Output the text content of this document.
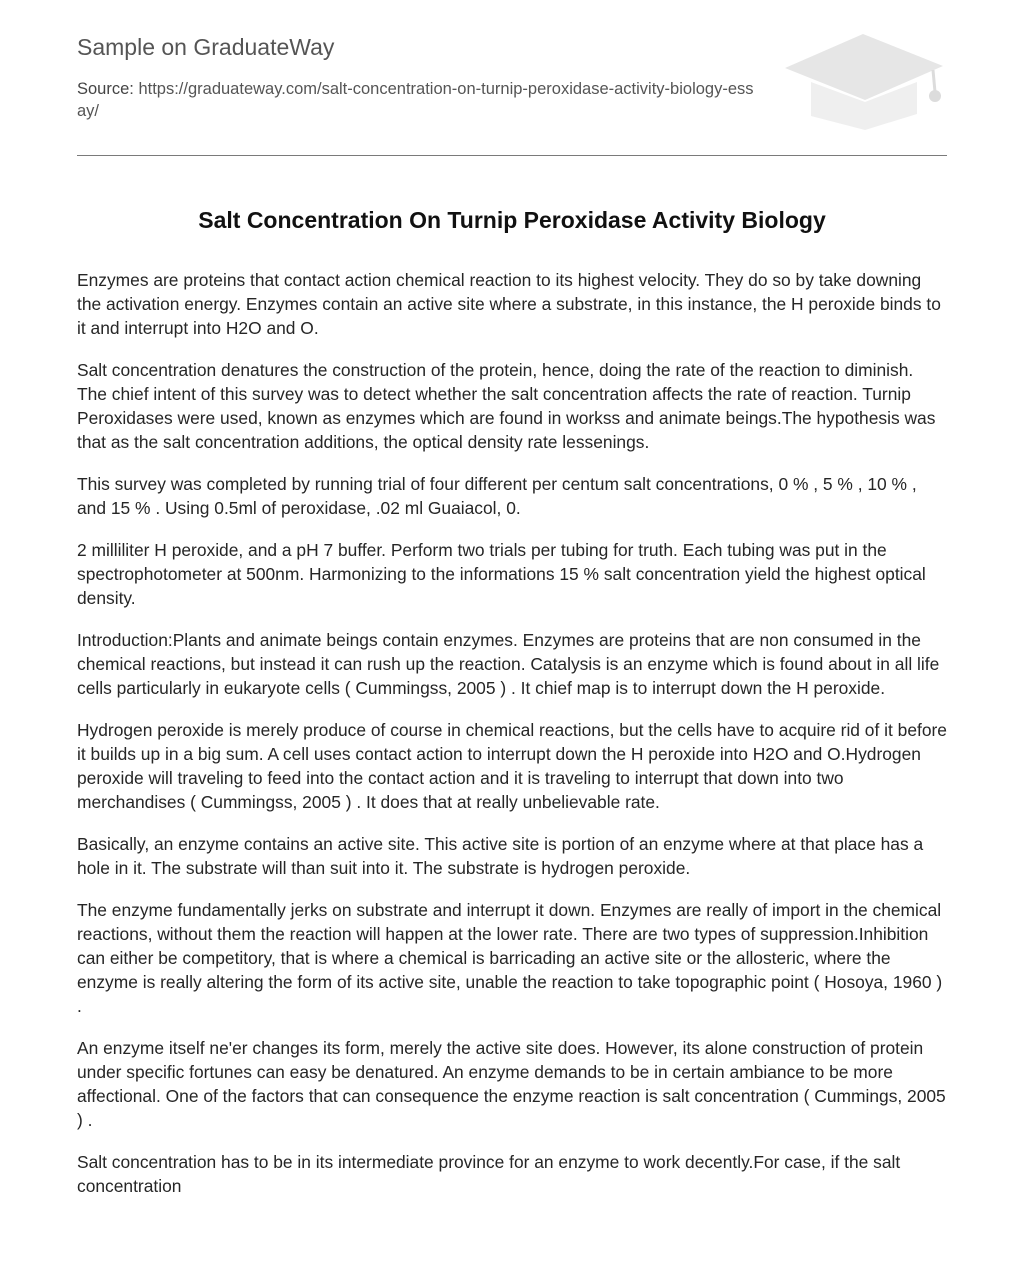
Sample on GraduateWay
Source: https://graduateway.com/salt-concentration-on-turnip-peroxidase-activity-biology-essay/
Salt Concentration On Turnip Peroxidase Activity Biology

Enzymes are proteins that contact action chemical reaction to its highest velocity. They do so by take downing the activation energy. Enzymes contain an active site where a substrate, in this instance, the H peroxide binds to it and interrupt into H2O and O.

Salt concentration denatures the construction of the protein, hence, doing the rate of the reaction to diminish. The chief intent of this survey was to detect whether the salt concentration affects the rate of reaction. Turnip Peroxidases were used, known as enzymes which are found in workss and animate beings.The hypothesis was that as the salt concentration additions, the optical density rate lessenings.

This survey was completed by running trial of four different per centum salt concentrations, 0 % , 5 % , 10 % , and 15 % . Using 0.5ml of peroxidase, .02 ml Guaiacol, 0.

2 milliliter H peroxide, and a pH 7 buffer. Perform two trials per tubing for truth. Each tubing was put in the spectrophotometer at 500nm. Harmonizing to the informations 15 % salt concentration yield the highest optical density.

Introduction:Plants and animate beings contain enzymes. Enzymes are proteins that are non consumed in the chemical reactions, but instead it can rush up the reaction. Catalysis is an enzyme which is found about in all life cells particularly in eukaryote cells ( Cummingss, 2005 ) . It chief map is to interrupt down the H peroxide.

Hydrogen peroxide is merely produce of course in chemical reactions, but the cells have to acquire rid of it before it builds up in a big sum. A cell uses contact action to interrupt down the H peroxide into H2O and O.Hydrogen peroxide will traveling to feed into the contact action and it is traveling to interrupt that down into two merchandises ( Cummingss, 2005 ) . It does that at really unbelievable rate.

Basically, an enzyme contains an active site. This active site is portion of an enzyme where at that place has a hole in it. The substrate will than suit into it. The substrate is hydrogen peroxide.

The enzyme fundamentally jerks on substrate and interrupt it down. Enzymes are really of import in the chemical reactions, without them the reaction will happen at the lower rate. There are two types of suppression.Inhibition can either be competitory, that is where a chemical is barricading an active site or the allosteric, where the enzyme is really altering the form of its active site, unable the reaction to take topographic point ( Hosoya, 1960 ) .

An enzyme itself ne'er changes its form, merely the active site does. However, its alone construction of protein under specific fortunes can easy be denatured. An enzyme demands to be in certain ambiance to be more affectional. One of the factors that can consequence the enzyme reaction is salt concentration ( Cummings, 2005 ) .

Salt concentration has to be in its intermediate province for an enzyme to work decently.For case, if the salt concentration
